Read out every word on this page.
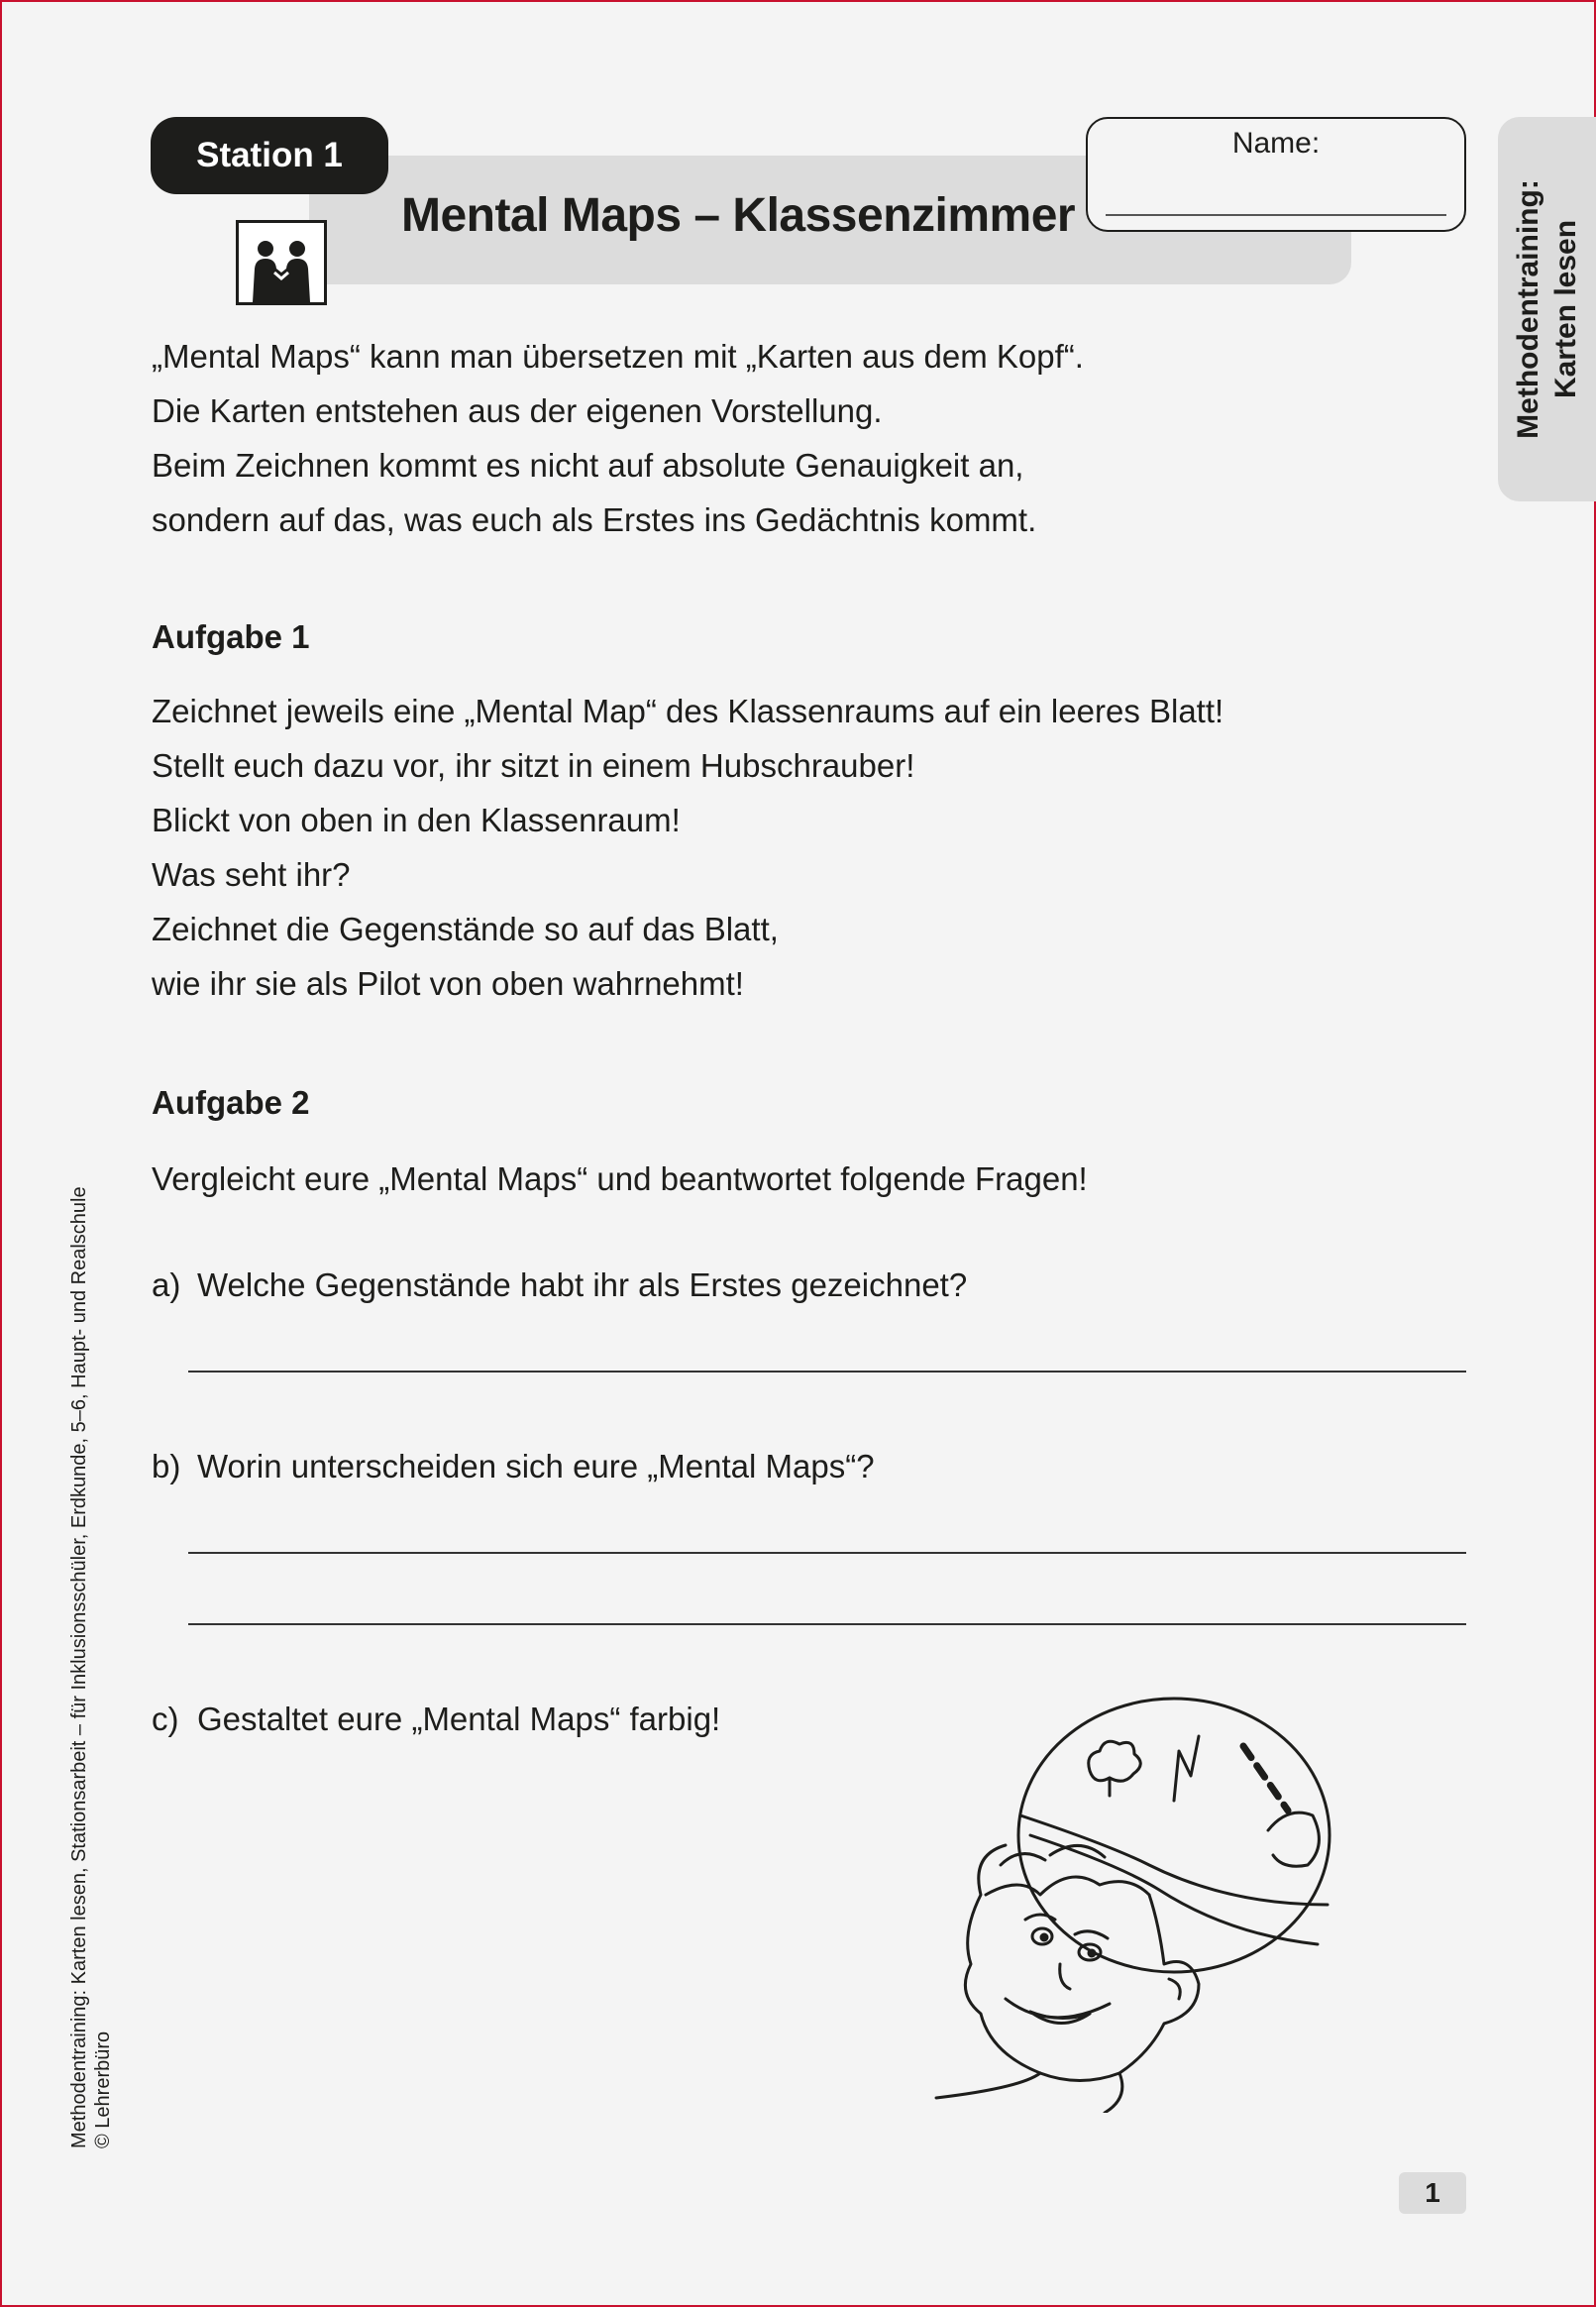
Station 1
Mental Maps – Klassenzimmer
Name:
Methodentraining: Karten lesen

„Mental Maps“ kann man übersetzen mit „Karten aus dem Kopf“.

Die Karten entstehen aus der eigenen Vorstellung.

Beim Zeichnen kommt es nicht auf absolute Genauigkeit an,

sondern auf das, was euch als Erstes ins Gedächtnis kommt.

Aufgabe 1

Zeichnet jeweils eine „Mental Map“ des Klassenraums auf ein leeres Blatt!

Stellt euch dazu vor, ihr sitzt in einem Hubschrauber!

Blickt von oben in den Klassenraum!

Was seht ihr?

Zeichnet die Gegenstände so auf das Blatt,

wie ihr sie als Pilot von oben wahrnehmt!

Aufgabe 2

Vergleicht eure „Mental Maps“ und beantwortet folgende Fragen!

a) Welche Gegenstände habt ihr als Erstes gezeichnet?
b) Worin unterscheiden sich eure „Mental Maps“?
c) Gestaltet eure „Mental Maps“ farbig!
Methodentraining: Karten lesen, Stationsarbeit – für Inklusionsschüler, Erdkunde, 5–6, Haupt- und Realschule © Lehrerbüro
1
